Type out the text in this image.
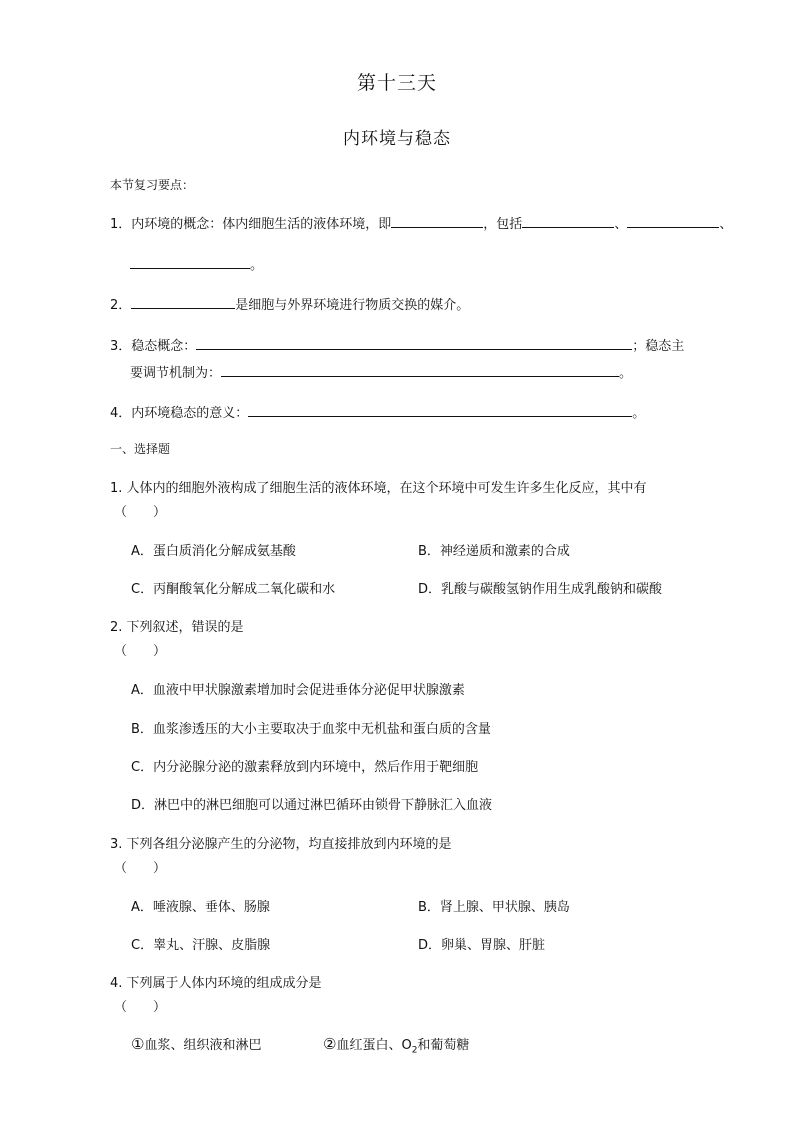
第十三天
内环境与稳态
本节复习要点：
1．内环境的概念：体内细胞生活的液体环境，即	，包括	、	、
。
2．	是细胞与外界环境进行物质交换的媒介。
3．稳态概念：	；稳态主
要调节机制为：	。
4．内环境稳态的意义：	。
一、选择题
1. 人体内的细胞外液构成了细胞生活的液体环境，在这个环境中可发生许多生化反应，其中有
（　　）
A．蛋白质消化分解成氨基酸	B．神经递质和激素的合成
C．丙酮酸氧化分解成二氧化碳和水	D．乳酸与碳酸氢钠作用生成乳酸钠和碳酸
2. 下列叙述，错误的是
（　　）
A．血液中甲状腺激素增加时会促进垂体分泌促甲状腺激素
B．血浆渗透压的大小主要取决于血浆中无机盐和蛋白质的含量
C．内分泌腺分泌的激素释放到内环境中，然后作用于靶细胞
D．淋巴中的淋巴细胞可以通过淋巴循环由锁骨下静脉汇入血液
3. 下列各组分泌腺产生的分泌物，均直接排放到内环境的是
（　　）
A．唾液腺、垂体、肠腺	B．肾上腺、甲状腺、胰岛
C．睾丸、汗腺、皮脂腺	D．卵巢、胃腺、肝脏
4. 下列属于人体内环境的组成成分是
（　　）
①血浆、组织液和淋巴	②血红蛋白、$O_2$和葡萄糖
